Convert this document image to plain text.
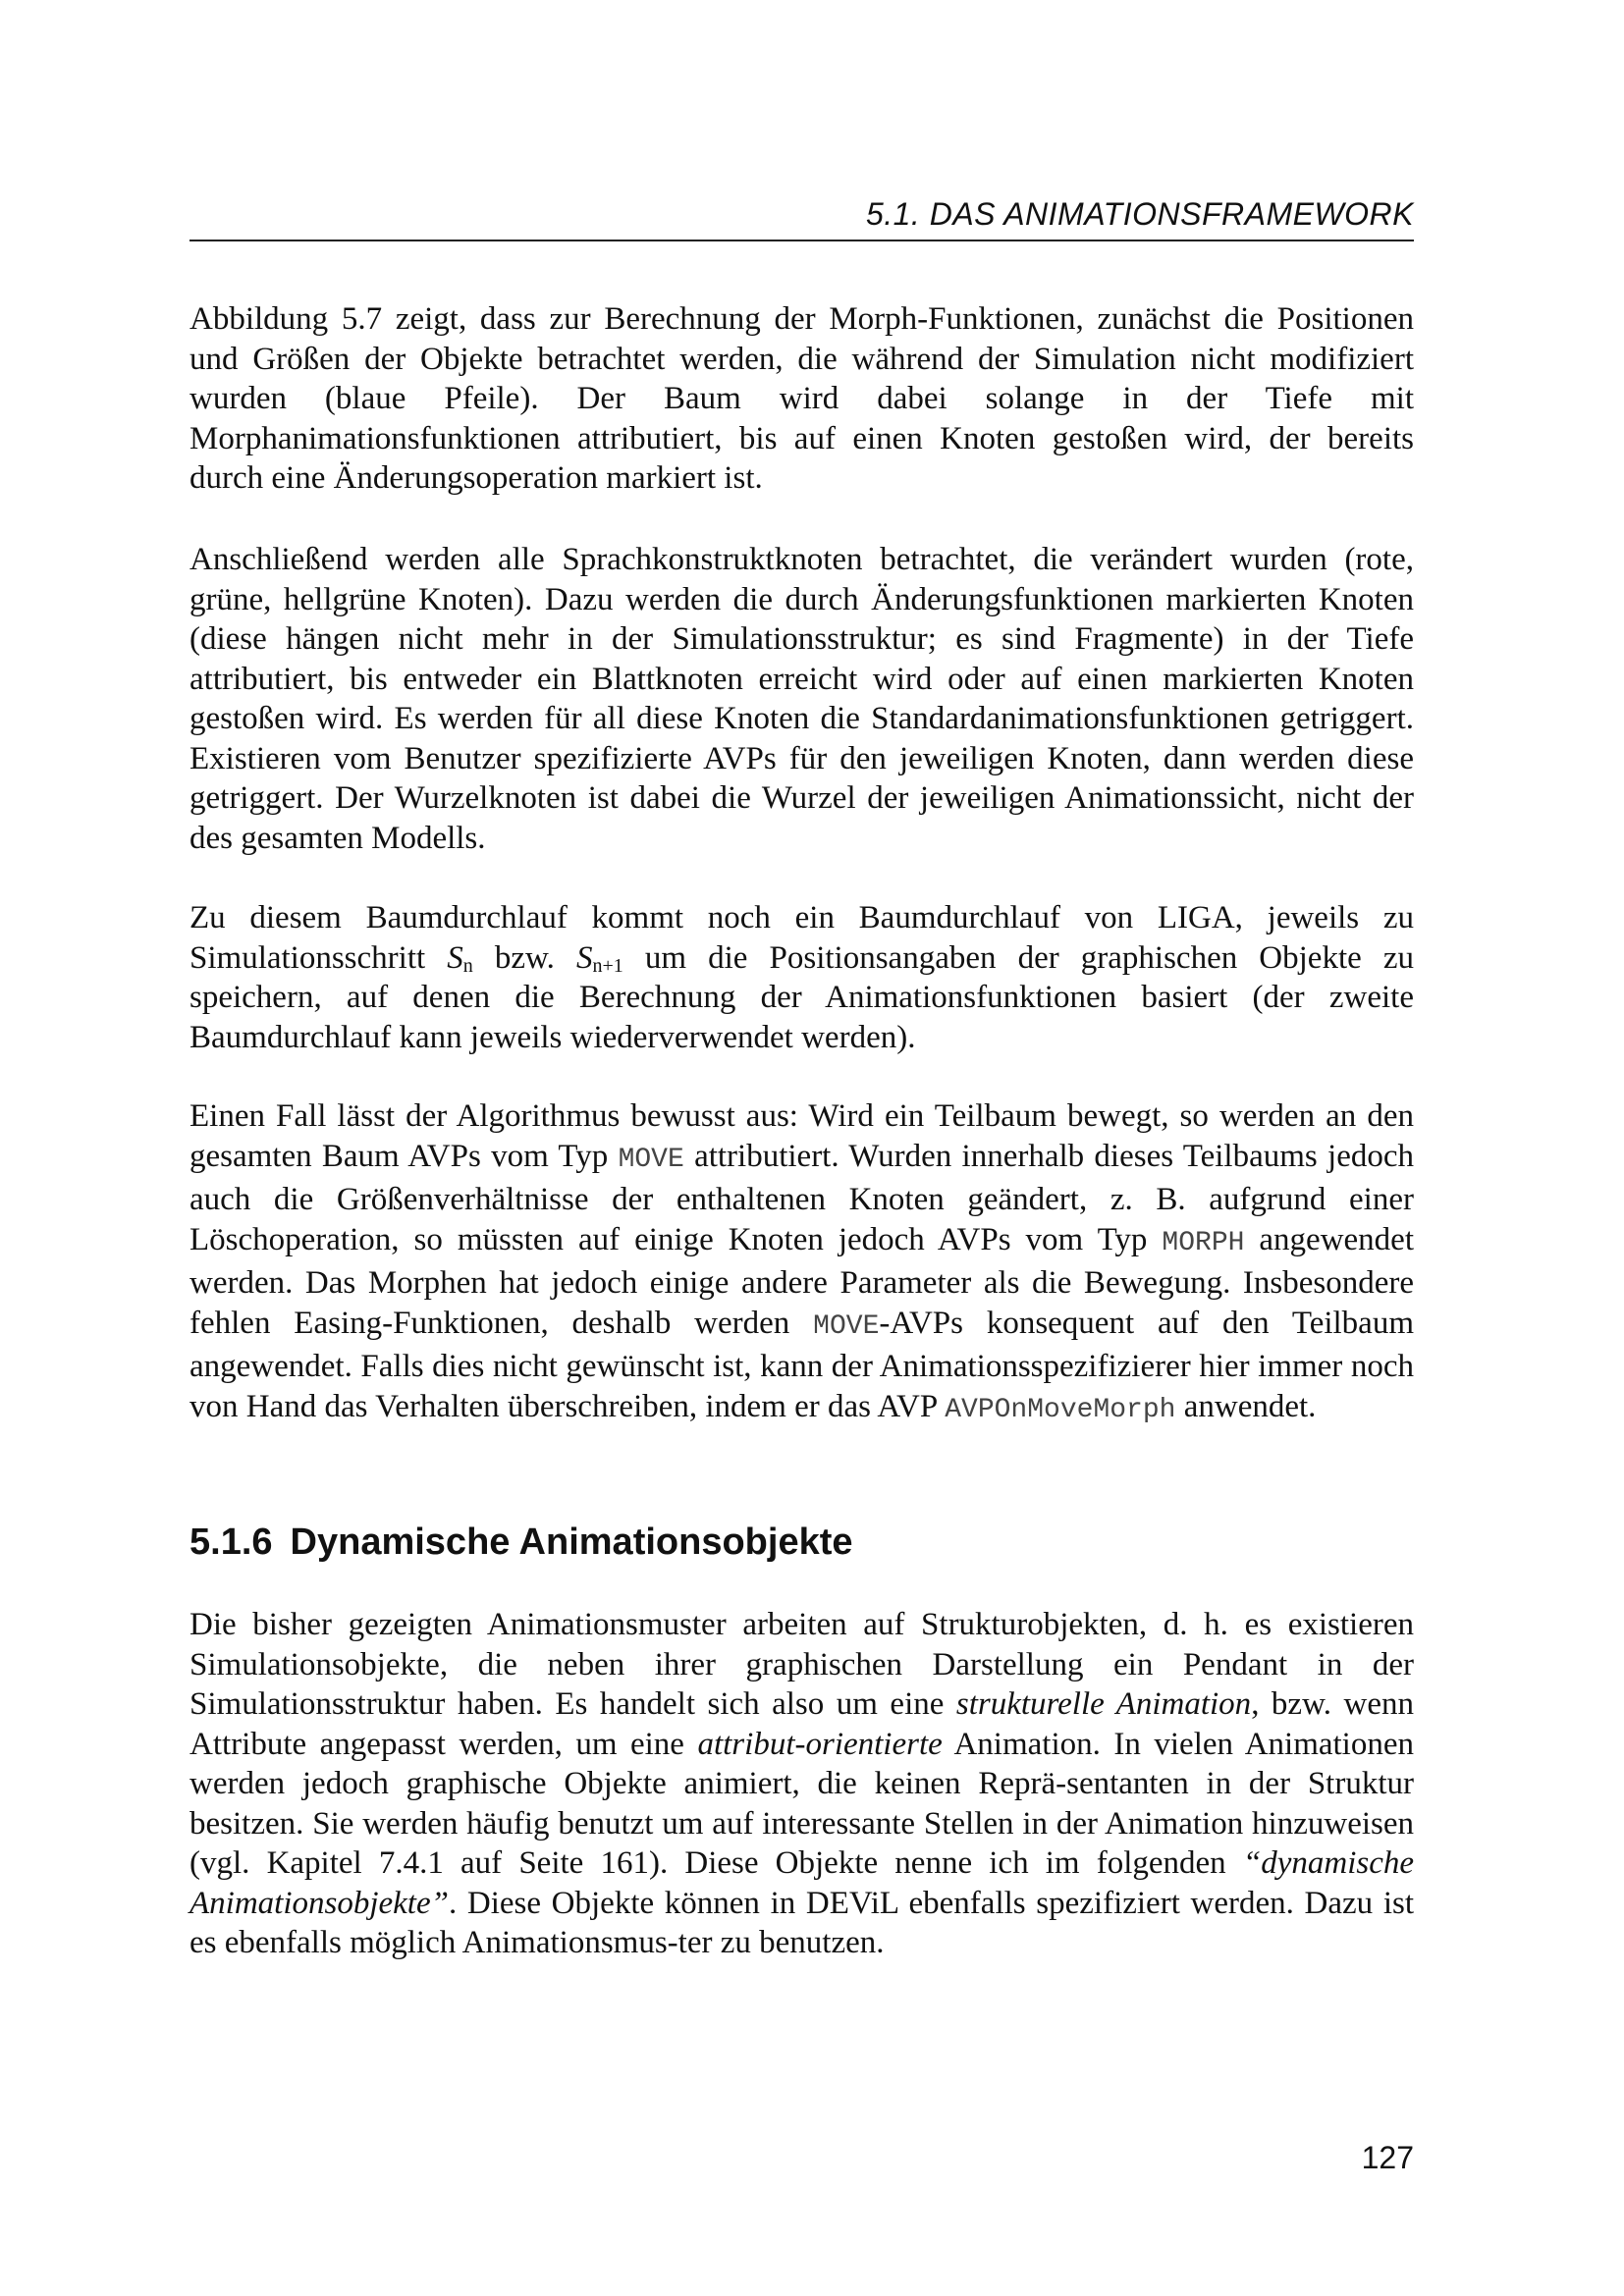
5.1. DAS ANIMATIONSFRAMEWORK

Abbildung 5.7 zeigt, dass zur Berechnung der Morph-Funktionen, zunächst die Positionen und Größen der Objekte betrachtet werden, die während der Simulation nicht modifiziert wurden (blaue Pfeile). Der Baum wird dabei solange in der Tiefe mit Morphanimationsfunktionen attributiert, bis auf einen Knoten gestoßen wird, der bereits durch eine Änderungsoperation markiert ist.

Anschließend werden alle Sprachkonstruktknoten betrachtet, die verändert wurden (rote, grüne, hellgrüne Knoten). Dazu werden die durch Änderungsfunktionen markierten Knoten (diese hängen nicht mehr in der Simulationsstruktur; es sind Fragmente) in der Tiefe attributiert, bis entweder ein Blattknoten erreicht wird oder auf einen markierten Knoten gestoßen wird. Es werden für all diese Knoten die Standardanimationsfunktionen getriggert. Existieren vom Benutzer spezifizierte AVPs für den jeweiligen Knoten, dann werden diese getriggert. Der Wurzelknoten ist dabei die Wurzel der jeweiligen Animationssicht, nicht der des gesamten Modells.

Zu diesem Baumdurchlauf kommt noch ein Baumdurchlauf von LIGA, jeweils zu Simulationsschritt $S_n$ bzw. $S_{n+1}$ um die Positionsangaben der graphischen Objekte zu speichern, auf denen die Berechnung der Animationsfunktionen basiert (der zweite Baumdurchlauf kann jeweils wiederverwendet werden).

Einen Fall lässt der Algorithmus bewusst aus: Wird ein Teilbaum bewegt, so werden an den gesamten Baum AVPs vom Typ MOVE attributiert. Wurden innerhalb dieses Teilbaums jedoch auch die Größenverhältnisse der enthaltenen Knoten geändert, z. B. aufgrund einer Löschoperation, so müssten auf einige Knoten jedoch AVPs vom Typ MORPH angewendet werden. Das Morphen hat jedoch einige andere Parameter als die Bewegung. Insbesondere fehlen Easing-Funktionen, deshalb werden MOVE-AVPs konsequent auf den Teilbaum angewendet. Falls dies nicht gewünscht ist, kann der Animationsspezifizierer hier immer noch von Hand das Verhalten überschreiben, indem er das AVP AVPOnMoveMorph anwendet.

5.1.6 Dynamische Animationsobjekte

Die bisher gezeigten Animationsmuster arbeiten auf Strukturobjekten, d. h. es existieren Simulationsobjekte, die neben ihrer graphischen Darstellung ein Pendant in der Simulationsstruktur haben. Es handelt sich also um eine strukturelle Animation, bzw. wenn Attribute angepasst werden, um eine attribut-orientierte Animation. In vielen Animationen werden jedoch graphische Objekte animiert, die keinen Reprä-sentanten in der Struktur besitzen. Sie werden häufig benutzt um auf interessante Stellen in der Animation hinzuweisen (vgl. Kapitel 7.4.1 auf Seite 161). Diese Objekte nenne ich im folgenden “dynamische Animationsobjekte”. Diese Objekte können in DEViL ebenfalls spezifiziert werden. Dazu ist es ebenfalls möglich Animationsmus-ter zu benutzen.

127
